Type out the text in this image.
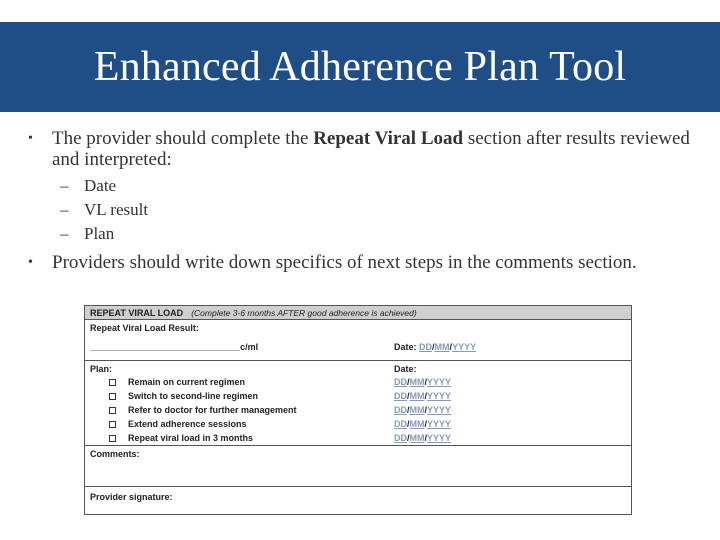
Enhanced Adherence Plan Tool
• The provider should complete the Repeat Viral Load section after results reviewed and interpreted:
– Date
– VL result
– Plan
• Providers should write down specifics of next steps in the comments section.
REPEAT VIRAL LOAD (Complete 3-6 months AFTER good adherence is achieved)
Repeat Viral Load Result:
______________________________c/ml	Date: DD/MM/YYYY
Plan:	Date:
Remain on current regimen
Switch to second-line regimen
Refer to doctor for further management
Extend adherence sessions
Repeat viral load in 3 months
DD/MM/YYYY
DD/MM/YYYY
DD/MM/YYYY
DD/MM/YYYY
DD/MM/YYYY
Comments:
Provider signature:
